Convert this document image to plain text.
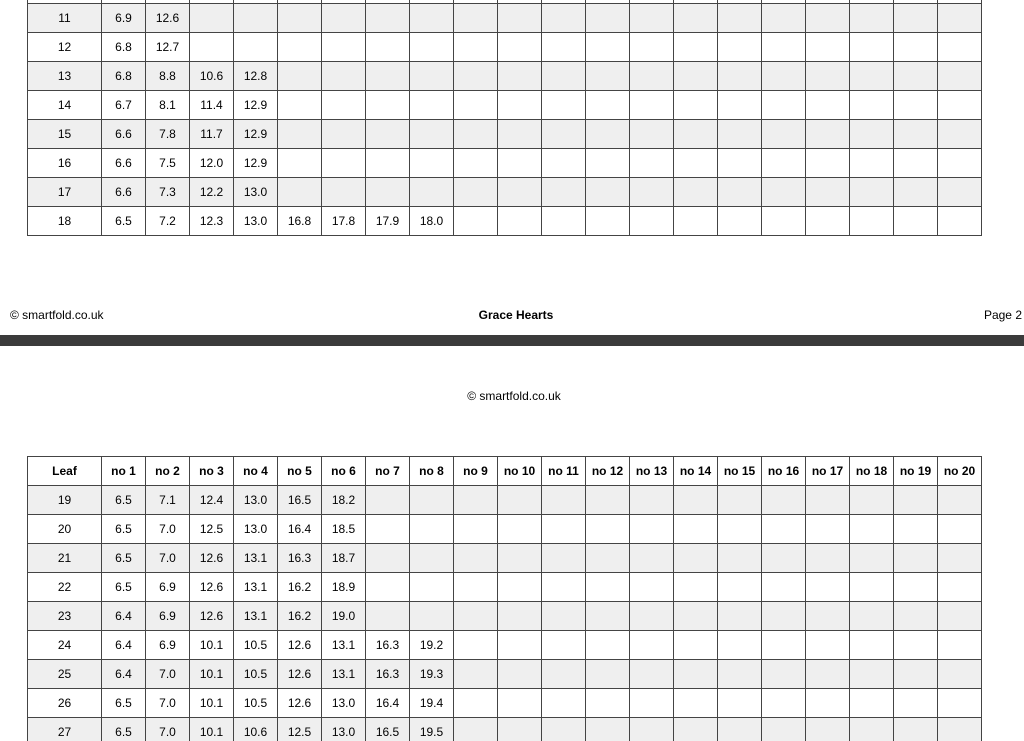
11	6.9	12.6																		
12	6.8	12.7																		
13	6.8	8.8	10.6	12.8																
14	6.7	8.1	11.4	12.9																
15	6.6	7.8	11.7	12.9																
16	6.6	7.5	12.0	12.9																
17	6.6	7.3	12.2	13.0																
18	6.5	7.2	12.3	13.0	16.8	17.8	17.9	18.0												
© smartfold.co.uk	Grace Hearts	Page 2
© smartfold.co.uk
Leaf	no 1	no 2	no 3	no 4	no 5	no 6	no 7	no 8	no 9	no 10	no 11	no 12	no 13	no 14	no 15	no 16	no 17	no 18	no 19	no 20
19	6.5	7.1	12.4	13.0	16.5	18.2														
20	6.5	7.0	12.5	13.0	16.4	18.5														
21	6.5	7.0	12.6	13.1	16.3	18.7														
22	6.5	6.9	12.6	13.1	16.2	18.9														
23	6.4	6.9	12.6	13.1	16.2	19.0														
24	6.4	6.9	10.1	10.5	12.6	13.1	16.3	19.2												
25	6.4	7.0	10.1	10.5	12.6	13.1	16.3	19.3												
26	6.5	7.0	10.1	10.5	12.6	13.0	16.4	19.4												
27	6.5	7.0	10.1	10.6	12.5	13.0	16.5	19.5												
